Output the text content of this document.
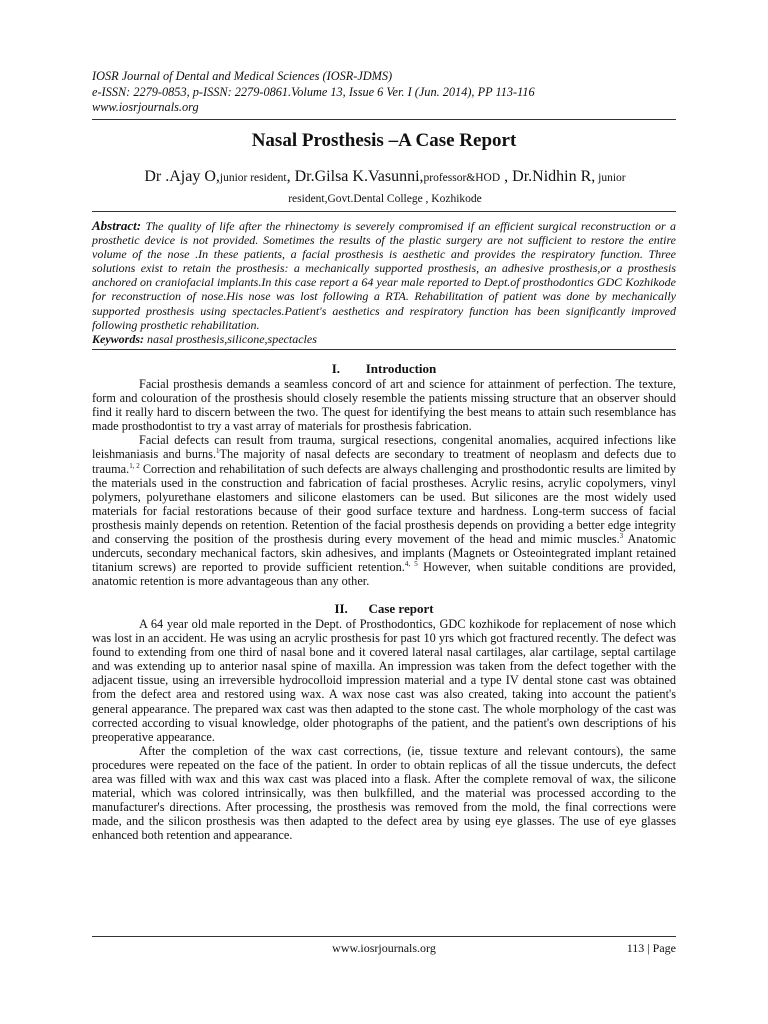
IOSR Journal of Dental and Medical Sciences (IOSR-JDMS)
e-ISSN: 2279-0853, p-ISSN: 2279-0861.Volume 13, Issue 6 Ver. I (Jun. 2014), PP 113-116
www.iosrjournals.org
Nasal Prosthesis –A Case Report
Dr .Ajay O,junior resident, Dr.Gilsa K.Vasunni,professor&HOD , Dr.Nidhin R, junior resident,Govt.Dental College , Kozhikode
Abstract: The quality of life after the rhinectomy is severely compromised if an efficient surgical reconstruction or a prosthetic device is not provided. Sometimes the results of the plastic surgery are not sufficient to restore the entire volume of the nose .In these patients, a facial prosthesis is aesthetic and provides the respiratory function. Three solutions exist to retain the prosthesis: a mechanically supported prosthesis, an adhesive prosthesis,or a prosthesis anchored on craniofacial implants.In this case report a 64 year male reported to Dept.of prosthodontics GDC Kozhikode for reconstruction of nose.His nose was lost following a RTA. Rehabilitation of patient was done by mechanically supported prosthesis using spectacles.Patient's aesthetics and respiratory function has been significantly improved following prosthetic rehabilitation.
Keywords: nasal prosthesis,silicone,spectacles
I. Introduction

Facial prosthesis demands a seamless concord of art and science for attainment of perfection. The texture, form and colouration of the prosthesis should closely resemble the patients missing structure that an observer should find it really hard to discern between the two. The quest for identifying the best means to attain such resemblance has made prosthodontist to try a vast array of materials for prosthesis fabrication.

Facial defects can result from trauma, surgical resections, congenital anomalies, acquired infections like leishmaniasis and burns.$^1$The majority of nasal defects are secondary to treatment of neoplasm and defects due to trauma.$^{1, 2}$ Correction and rehabilitation of such defects are always challenging and prosthodontic results are limited by the materials used in the construction and fabrication of facial prostheses. Acrylic resins, acrylic copolymers, vinyl polymers, polyurethane elastomers and silicone elastomers can be used. But silicones are the most widely used materials for facial restorations because of their good surface texture and hardness. Long-term success of facial prosthesis mainly depends on retention. Retention of the facial prosthesis depends on providing a better edge integrity and conserving the position of the prosthesis during every movement of the head and mimic muscles.$^3$ Anatomic undercuts, secondary mechanical factors, skin adhesives, and implants (Magnets or Osteointegrated implant retained titanium screws) are reported to provide sufficient retention.$^{4, 5}$ However, when suitable conditions are provided, anatomic retention is more advantageous than any other.

II. Case report

A 64 year old male reported in the Dept. of Prosthodontics, GDC kozhikode for replacement of nose which was lost in an accident. He was using an acrylic prosthesis for past 10 yrs which got fractured recently. The defect was found to extending from one third of nasal bone and it covered lateral nasal cartilages, alar cartilage, septal cartilage and was extending up to anterior nasal spine of maxilla. An impression was taken from the defect together with the adjacent tissue, using an irreversible hydrocolloid impression material and a type IV dental stone cast was obtained from the defect area and restored using wax. A wax nose cast was also created, taking into account the patient's general appearance. The prepared wax cast was then adapted to the stone cast. The whole morphology of the cast was corrected according to visual knowledge, older photographs of the patient, and the patient's own descriptions of his preoperative appearance.

After the completion of the wax cast corrections, (ie, tissue texture and relevant contours), the same procedures were repeated on the face of the patient. In order to obtain replicas of all the tissue undercuts, the defect area was filled with wax and this wax cast was placed into a flask. After the complete removal of wax, the silicone material, which was colored intrinsically, was then bulkfilled, and the material was processed according to the manufacturer's directions. After processing, the prosthesis was removed from the mold, the final corrections were made, and the silicon prosthesis was then adapted to the defect area by using eye glasses. The use of eye glasses enhanced both retention and appearance.

www.iosrjournals.org	113 | Page
